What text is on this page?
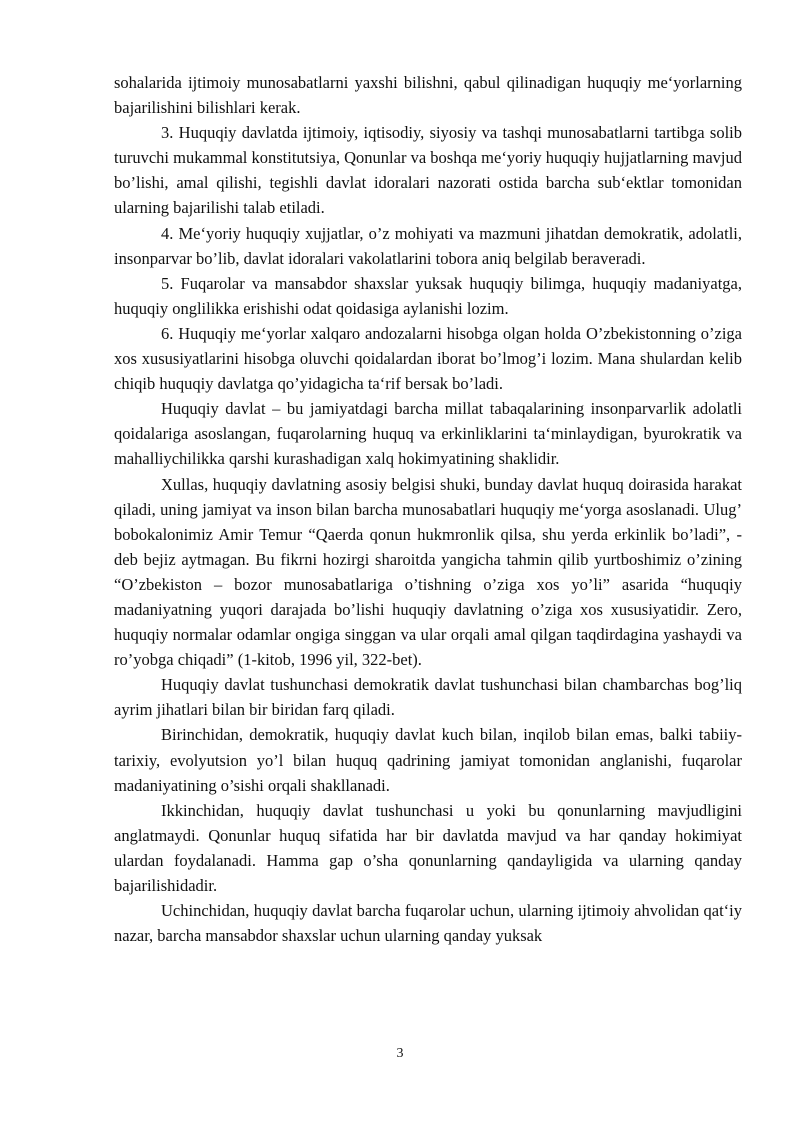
sohalarida ijtimoiy munosabatlarni yaxshi bilishni, qabul qilinadigan huquqiy me‘yorlarning bajarilishini bilishlari kerak.

3. Huquqiy davlatda ijtimoiy, iqtisodiy, siyosiy va tashqi munosabatlarni tartibga solib turuvchi mukammal konstitutsiya, Qonunlar va boshqa me‘yoriy huquqiy hujjatlarning mavjud bo’lishi, amal qilishi, tegishli davlat idoralari nazorati ostida barcha sub‘ektlar tomonidan ularning bajarilishi talab etiladi.

4. Me‘yoriy huquqiy xujjatlar, o’z mohiyati va mazmuni jihatdan demokratik, adolatli, insonparvar bo’lib, davlat idoralari vakolatlarini tobora aniq belgilab beraveradi.

5. Fuqarolar va mansabdor shaxslar yuksak huquqiy bilimga, huquqiy madaniyatga, huquqiy onglilikka erishishi odat qoidasiga aylanishi lozim.

6. Huquqiy me‘yorlar xalqaro andozalarni hisobga olgan holda O’zbekistonning o’ziga xos xususiyatlarini hisobga oluvchi qoidalardan iborat bo’lmog’i lozim. Mana shulardan kelib chiqib huquqiy davlatga qo’yidagicha ta‘rif bersak bo’ladi.

Huquqiy davlat – bu jamiyatdagi barcha millat tabaqalarining insonparvarlik adolatli qoidalariga asoslangan, fuqarolarning huquq va erkinliklarini ta‘minlaydigan, byurokratik va mahalliychilikka qarshi kurashadigan xalq hokimyatining shaklidir.

Xullas, huquqiy davlatning asosiy belgisi shuki, bunday davlat huquq doirasida harakat qiladi, uning jamiyat va inson bilan barcha munosabatlari huquqiy me‘yorga asoslanadi. Ulug’ bobokalonimiz Amir Temur “Qaerda qonun hukmronlik qilsa, shu yerda erkinlik bo’ladi”, - deb bejiz aytmagan. Bu fikrni hozirgi sharoitda yangicha tahmin qilib yurtboshimiz o’zining “O’zbekiston – bozor munosabatlariga o’tishning o’ziga xos yo’li” asarida “huquqiy madaniyatning yuqori darajada bo’lishi huquqiy davlatning o’ziga xos xususiyatidir. Zero, huquqiy normalar odamlar ongiga singgan va ular orqali amal qilgan taqdirdagina yashaydi va ro’yobga chiqadi” (1-kitob, 1996 yil, 322-bet).

Huquqiy davlat tushunchasi demokratik davlat tushunchasi bilan chambarchas bog’liq ayrim jihatlari bilan bir biridan farq qiladi.

Birinchidan, demokratik, huquqiy davlat kuch bilan, inqilob bilan emas, balki tabiiy-tarixiy, evolyutsion yo’l bilan huquq qadrining jamiyat tomonidan anglanishi, fuqarolar madaniyatining o’sishi orqali shakllanadi.

Ikkinchidan, huquqiy davlat tushunchasi u yoki bu qonunlarning mavjudligini anglatmaydi. Qonunlar huquq sifatida har bir davlatda mavjud va har qanday hokimiyat ulardan foydalanadi. Hamma gap o’sha qonunlarning qandayligida va ularning qanday bajarilishidadir.

Uchinchidan, huquqiy davlat barcha fuqarolar uchun, ularning ijtimoiy ahvolidan qat‘iy nazar, barcha mansabdor shaxslar uchun ularning qanday yuksak

3
